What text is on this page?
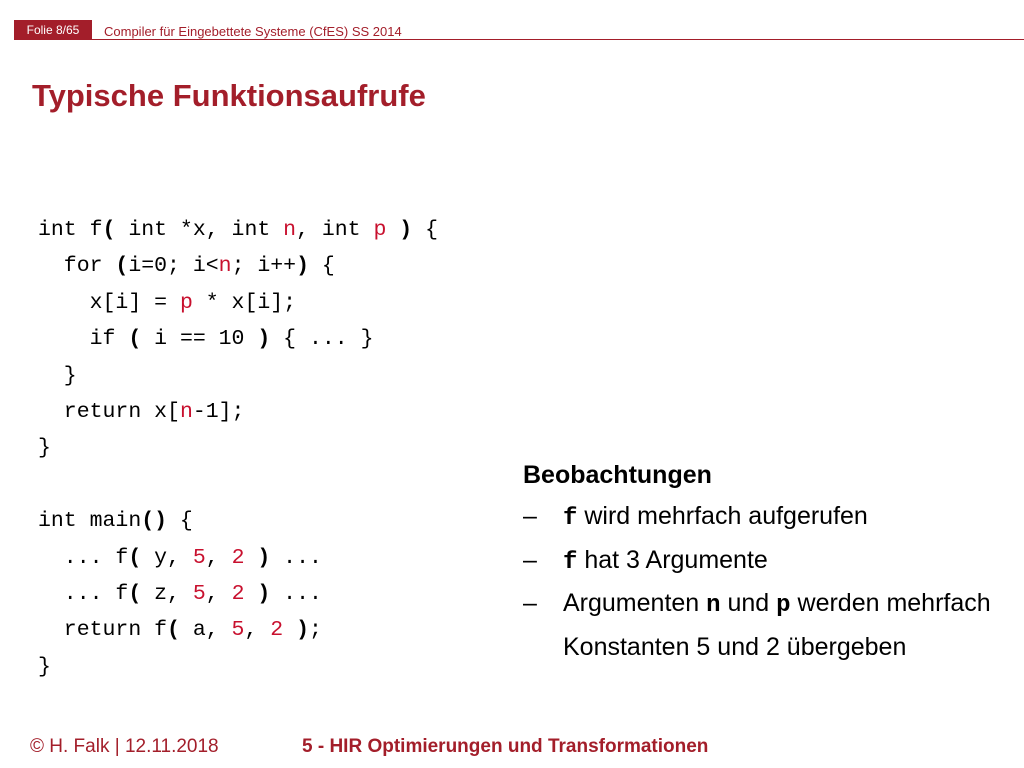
Folie 8/65	Compiler für Eingebettete Systeme (CfES) SS 2014
Typische Funktionsaufrufe
int f( int *x, int n, int p ) {
for (i=0; i<n; i++) {
x[i] = p * x[i];
if ( i == 10 ) { ... }
}
return x[n-1];
}
int main() {
... f( y, 5, 2 ) ...
... f( z, 5, 2 ) ...
return f( a, 5, 2 );
}
Beobachtungen
– f wird mehrfach aufgerufen
– f hat 3 Argumente
– Argumenten n und p werden mehrfach Konstanten 5 und 2 übergeben
© H. Falk | 12.11.2018	5 - HIR Optimierungen und Transformationen
